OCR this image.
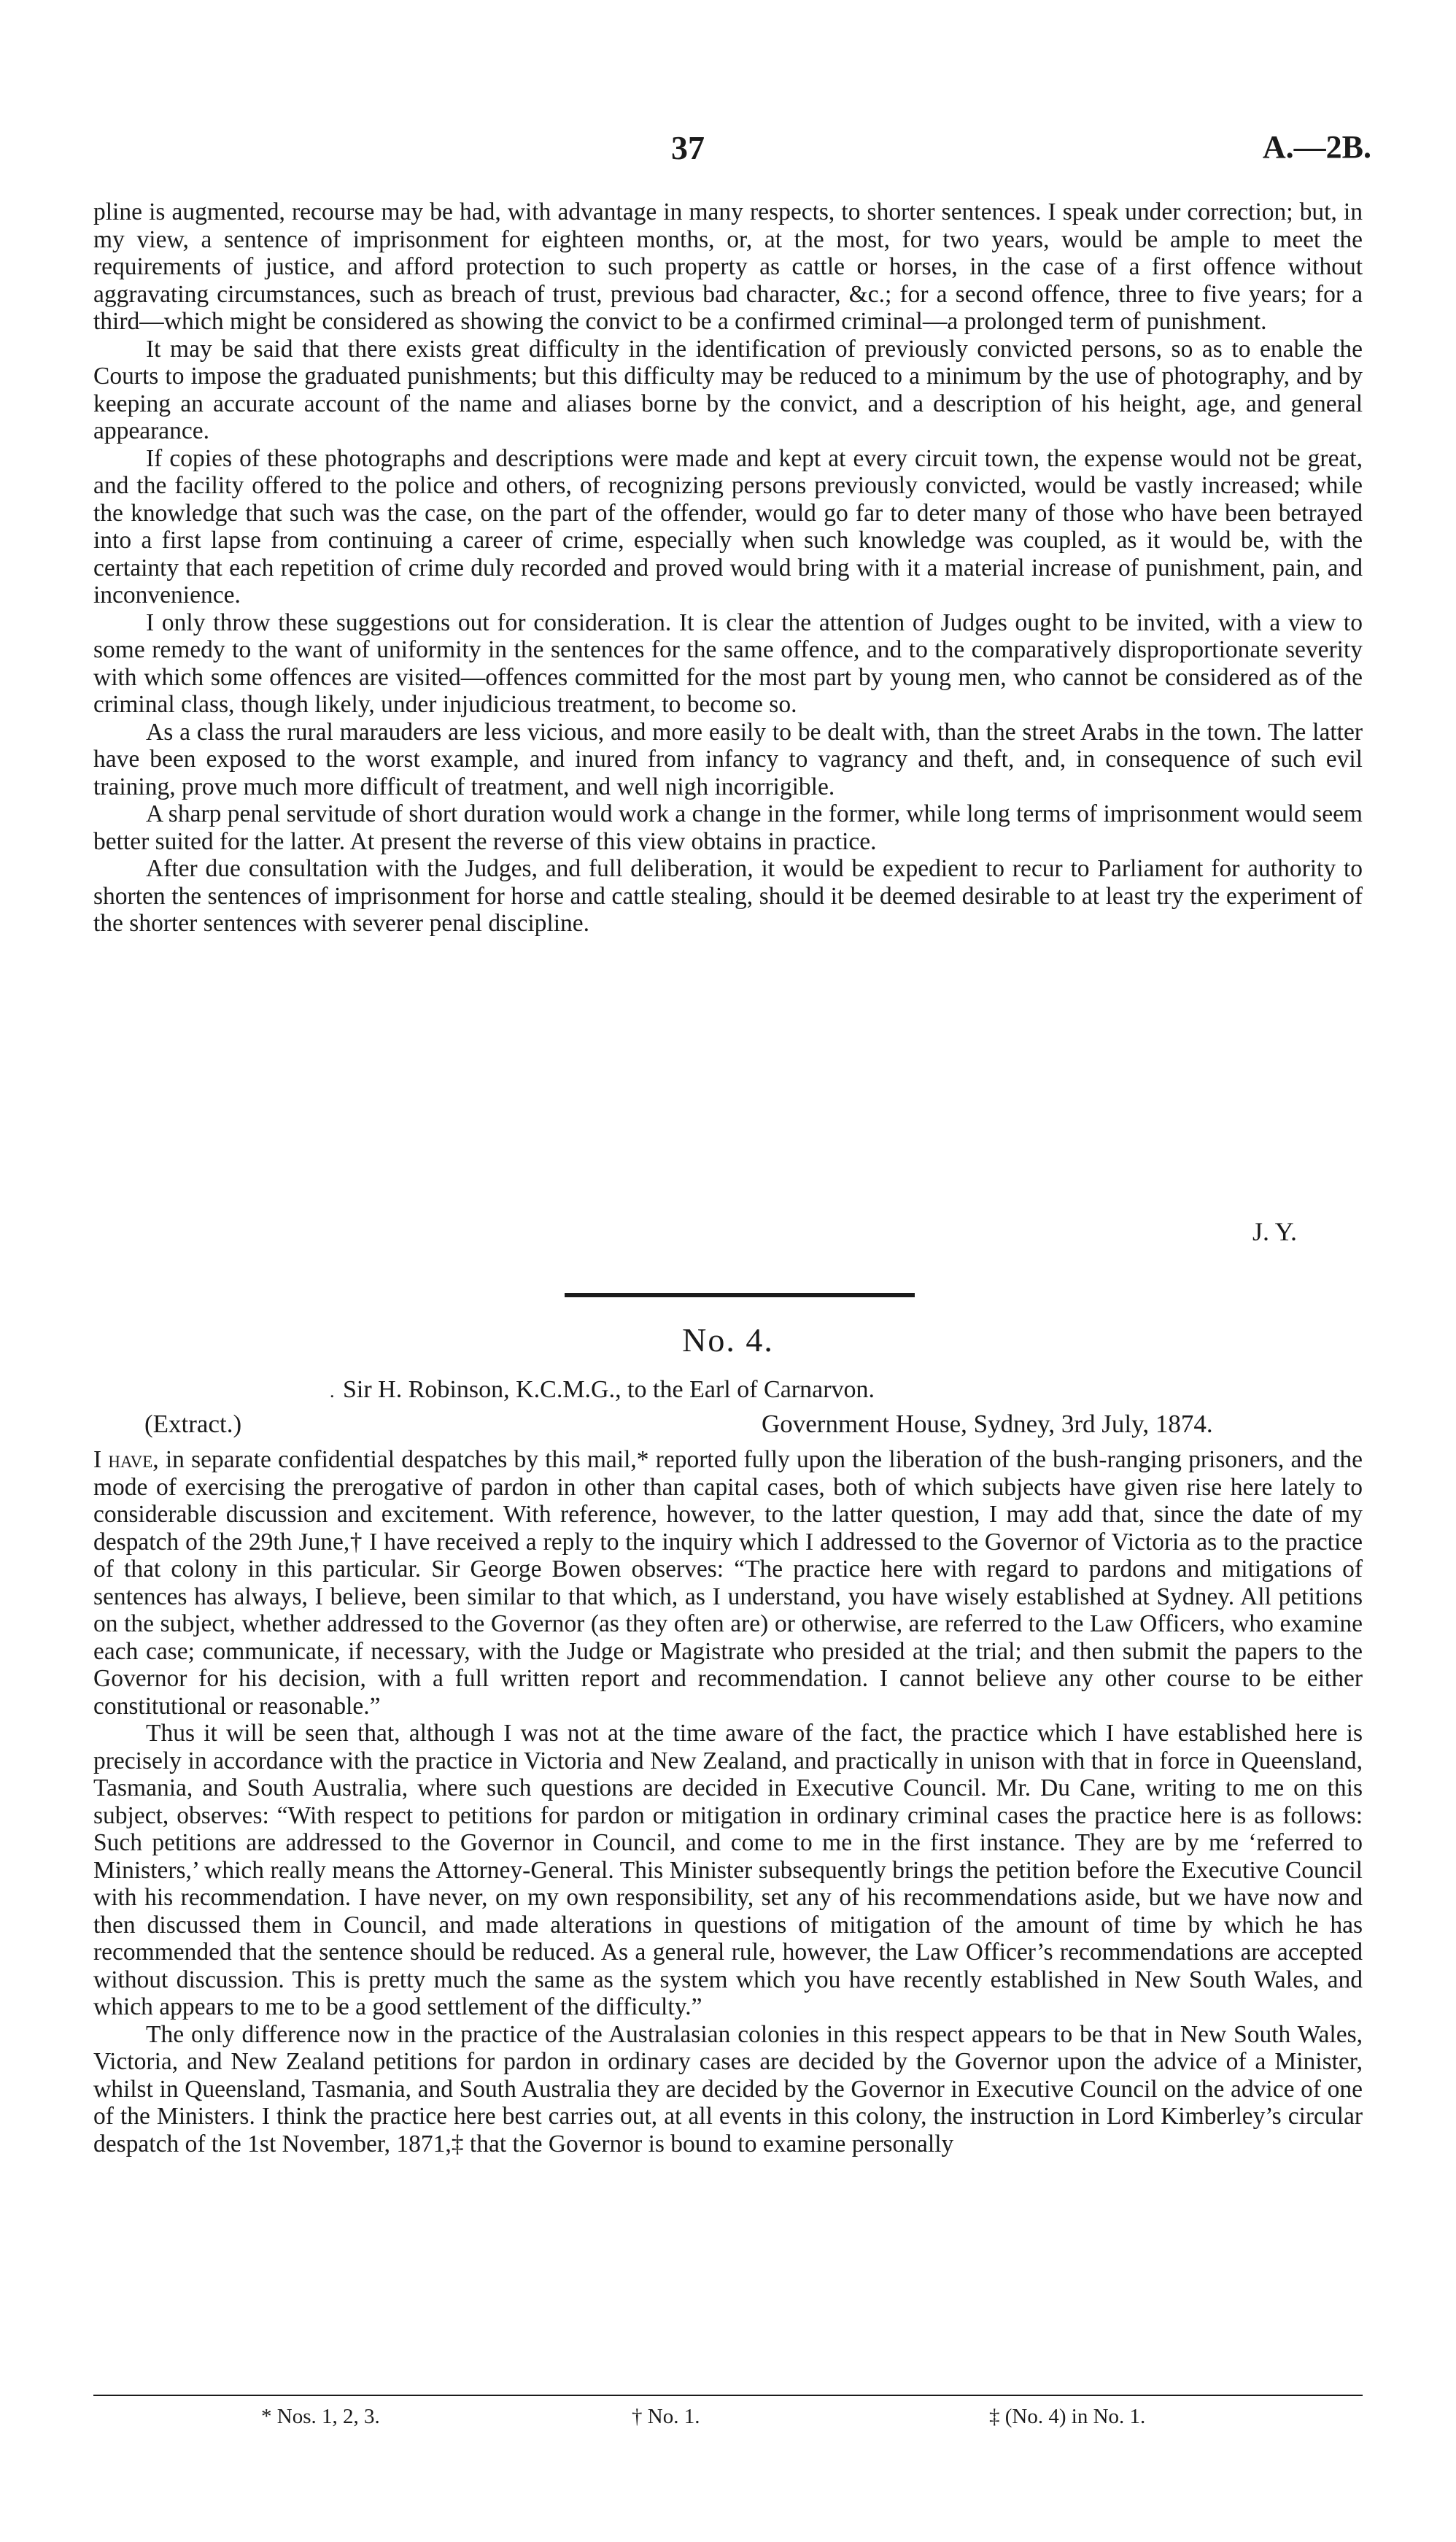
37	A.—2B.

pline is augmented, recourse may be had, with advantage in many respects, to shorter sentences. I speak under correction; but, in my view, a sentence of imprisonment for eighteen months, or, at the most, for two years, would be ample to meet the requirements of justice, and afford protection to such property as cattle or horses, in the case of a first offence without aggravating circumstances, such as breach of trust, previous bad character, &c.; for a second offence, three to five years; for a third—which might be considered as showing the convict to be a confirmed criminal—a prolonged term of punishment.

It may be said that there exists great difficulty in the identification of previously convicted persons, so as to enable the Courts to impose the graduated punishments; but this difficulty may be reduced to a minimum by the use of photography, and by keeping an accurate account of the name and aliases borne by the convict, and a description of his height, age, and general appearance.

If copies of these photographs and descriptions were made and kept at every circuit town, the expense would not be great, and the facility offered to the police and others, of recognizing persons previously convicted, would be vastly increased; while the knowledge that such was the case, on the part of the offender, would go far to deter many of those who have been betrayed into a first lapse from continuing a career of crime, especially when such knowledge was coupled, as it would be, with the certainty that each repetition of crime duly recorded and proved would bring with it a material increase of punishment, pain, and inconvenience.

I only throw these suggestions out for consideration. It is clear the attention of Judges ought to be invited, with a view to some remedy to the want of uniformity in the sentences for the same offence, and to the comparatively disproportionate severity with which some offences are visited—offences committed for the most part by young men, who cannot be considered as of the criminal class, though likely, under injudicious treatment, to become so.

As a class the rural marauders are less vicious, and more easily to be dealt with, than the street Arabs in the town. The latter have been exposed to the worst example, and inured from infancy to vagrancy and theft, and, in consequence of such evil training, prove much more difficult of treatment, and well nigh incorrigible.

A sharp penal servitude of short duration would work a change in the former, while long terms of imprisonment would seem better suited for the latter. At present the reverse of this view obtains in practice.

After due consultation with the Judges, and full deliberation, it would be expedient to recur to Parliament for authority to shorten the sentences of imprisonment for horse and cattle stealing, should it be deemed desirable to at least try the experiment of the shorter sentences with severer penal discipline.

J. Y.
No. 4.
. Sir H. Robinson, K.C.M.G., to the Earl of Carnarvon.
(Extract.)	Government House, Sydney, 3rd July, 1874.

I have, in separate confidential despatches by this mail,* reported fully upon the liberation of the bush-ranging prisoners, and the mode of exercising the prerogative of pardon in other than capital cases, both of which subjects have given rise here lately to considerable discussion and excitement. With reference, however, to the latter question, I may add that, since the date of my despatch of the 29th June,† I have received a reply to the inquiry which I addressed to the Governor of Victoria as to the practice of that colony in this particular. Sir George Bowen observes: “The practice here with regard to pardons and mitigations of sentences has always, I believe, been similar to that which, as I understand, you have wisely established at Sydney. All petitions on the subject, whether addressed to the Governor (as they often are) or otherwise, are referred to the Law Officers, who examine each case; communicate, if necessary, with the Judge or Magistrate who presided at the trial; and then submit the papers to the Governor for his decision, with a full written report and recommendation. I cannot believe any other course to be either constitutional or reasonable.”

Thus it will be seen that, although I was not at the time aware of the fact, the practice which I have established here is precisely in accordance with the practice in Victoria and New Zealand, and practically in unison with that in force in Queensland, Tasmania, and South Australia, where such questions are decided in Executive Council. Mr. Du Cane, writing to me on this subject, observes: “With respect to petitions for pardon or mitigation in ordinary criminal cases the practice here is as follows: Such petitions are addressed to the Governor in Council, and come to me in the first instance. They are by me ‘referred to Ministers,’ which really means the Attorney-General. This Minister subsequently brings the petition before the Executive Council with his recommendation. I have never, on my own responsibility, set any of his recommendations aside, but we have now and then discussed them in Council, and made alterations in questions of mitigation of the amount of time by which he has recommended that the sentence should be reduced. As a general rule, however, the Law Officer’s recommendations are accepted without discussion. This is pretty much the same as the system which you have recently established in New South Wales, and which appears to me to be a good settlement of the difficulty.”

The only difference now in the practice of the Australasian colonies in this respect appears to be that in New South Wales, Victoria, and New Zealand petitions for pardon in ordinary cases are decided by the Governor upon the advice of a Minister, whilst in Queensland, Tasmania, and South Australia they are decided by the Governor in Executive Council on the advice of one of the Ministers. I think the practice here best carries out, at all events in this colony, the instruction in Lord Kimberley’s circular despatch of the 1st November, 1871,‡ that the Governor is bound to examine personally

* Nos. 1, 2, 3.	† No. 1.	‡ (No. 4) in No. 1.
